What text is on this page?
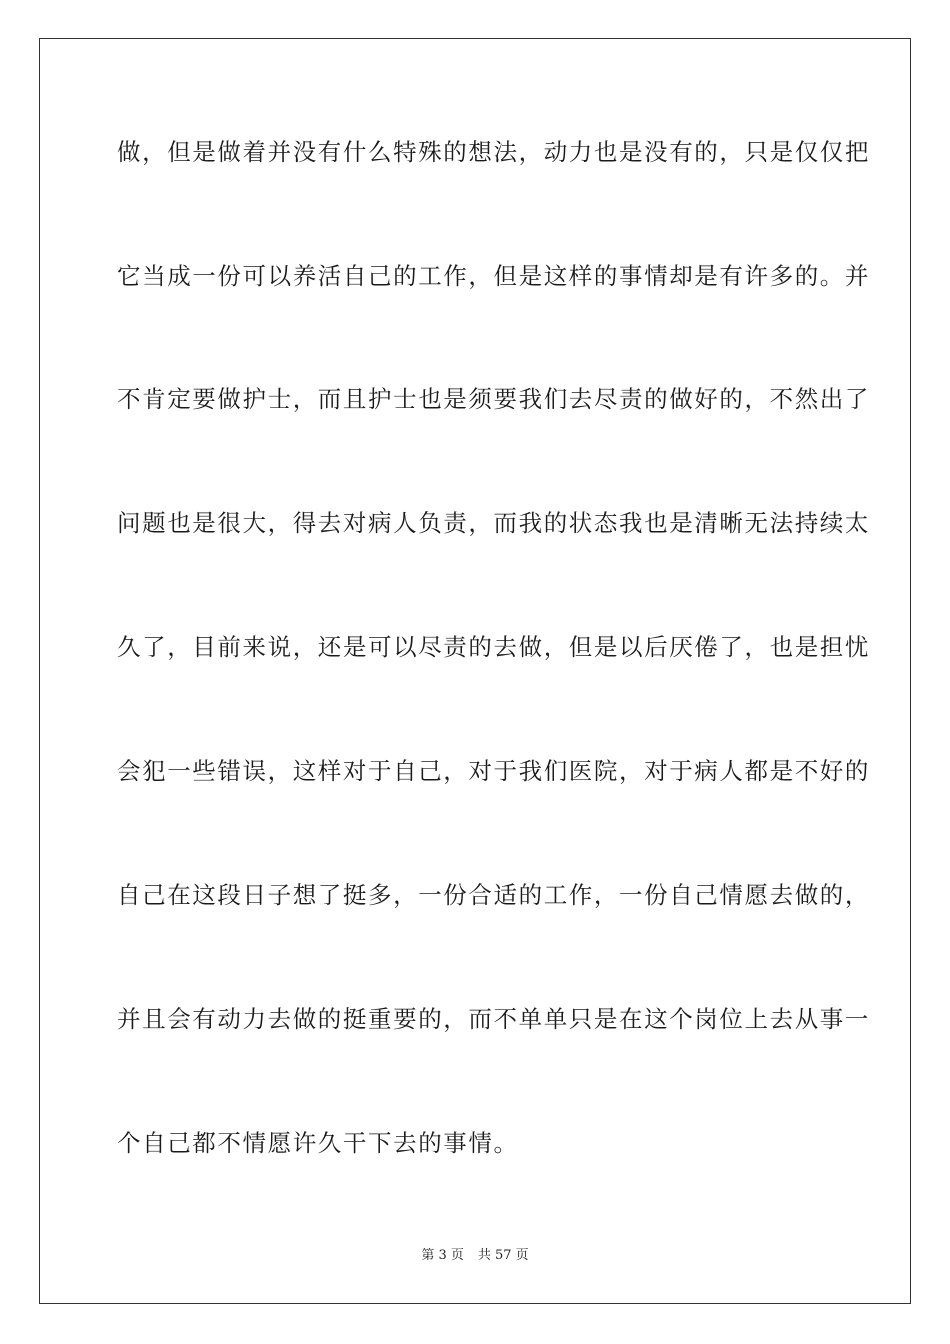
做，但是做着并没有什么特殊的想法，动力也是没有的，只是仅仅把
它当成一份可以养活自己的工作，但是这样的事情却是有许多的。并
不肯定要做护士，而且护士也是须要我们去尽责的做好的，不然出了
问题也是很大，得去对病人负责，而我的状态我也是清晰无法持续太
久了，目前来说，还是可以尽责的去做，但是以后厌倦了，也是担忧
会犯一些错误，这样对于自己，对于我们医院，对于病人都是不好的
自己在这段日子想了挺多，一份合适的工作，一份自己情愿去做的，
并且会有动力去做的挺重要的，而不单单只是在这个岗位上去从事一
个自己都不情愿许久干下去的事情。
第 3 页 共 57 页
